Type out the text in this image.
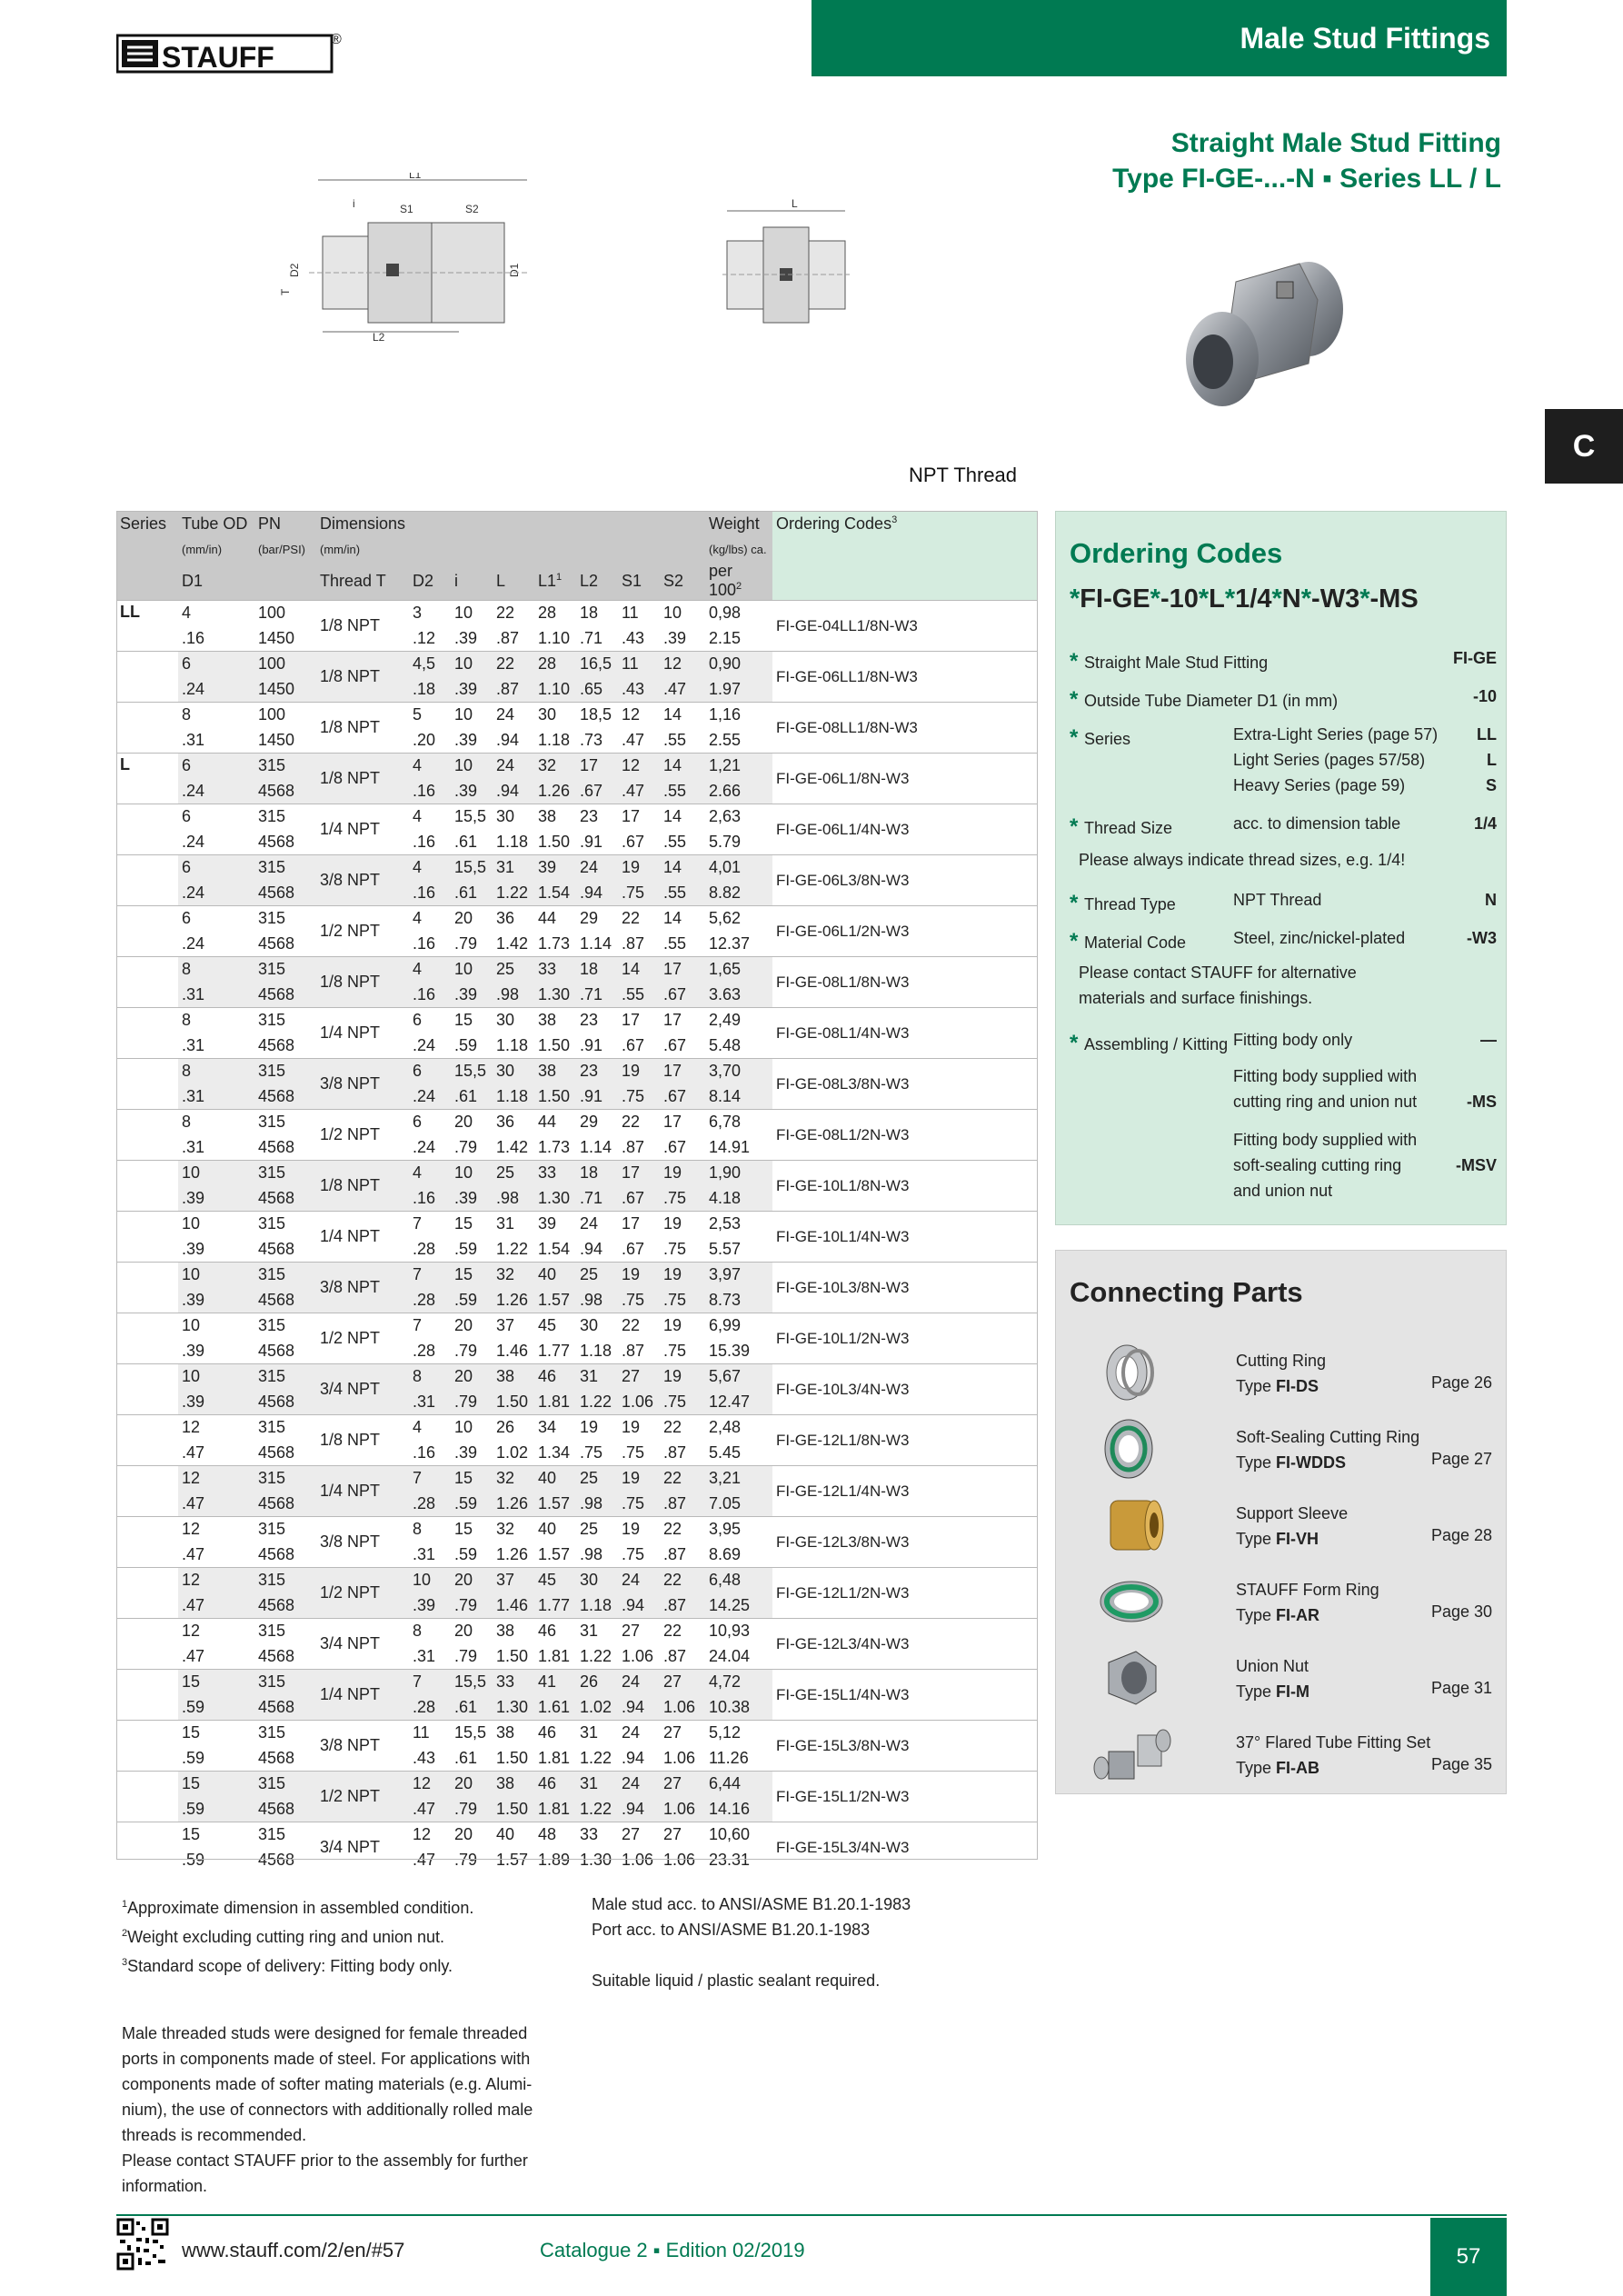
STAUFF
®	Male Stud Fittings
Straight Male Stud Fitting
Type FI-GE-...-N ▪ Series LL / L
L1
i	S1	S2
D2
T
D1
L2
L
C
NPT Thread
Series	Tube OD	PN	Dimensions								Weight	Ordering Codes$^3$
	(mm/in)	(bar/PSI)	(mm/in)								(kg/lbs) ca.	
	D1		Thread T	D2	i	L	$L1^1$	L2	S1	S2	per $100^2$
LL	4	100	1/8 NPT	3	10	22	28	18	11	10	0,98	FI-GE-04LL1/8N-W3
	.16	1450		.12	.39	.87	1.10	.71	.43	.39	2.15	
	6	100	1/8 NPT	4,5	10	22	28	16,5	11	12	0,90	FI-GE-06LL1/8N-W3
	.24	1450		.18	.39	.87	1.10	.65	.43	.47	1.97	
	8	100	1/8 NPT	5	10	24	30	18,5	12	14	1,16	FI-GE-08LL1/8N-W3
	.31	1450		.20	.39	.94	1.18	.73	.47	.55	2.55	
L	6	315	1/8 NPT	4	10	24	32	17	12	14	1,21	FI-GE-06L1/8N-W3
	.24	4568		.16	.39	.94	1.26	.67	.47	.55	2.66	
	6	315	1/4 NPT	4	15,5	30	38	23	17	14	2,63	FI-GE-06L1/4N-W3
	.24	4568		.16	.61	1.18	1.50	.91	.67	.55	5.79	
	6	315	3/8 NPT	4	15,5	31	39	24	19	14	4,01	FI-GE-06L3/8N-W3
	.24	4568		.16	.61	1.22	1.54	.94	.75	.55	8.82	
	6	315	1/2 NPT	4	20	36	44	29	22	14	5,62	FI-GE-06L1/2N-W3
	.24	4568		.16	.79	1.42	1.73	1.14	.87	.55	12.37	
	8	315	1/8 NPT	4	10	25	33	18	14	17	1,65	FI-GE-08L1/8N-W3
	.31	4568		.16	.39	.98	1.30	.71	.55	.67	3.63	
	8	315	1/4 NPT	6	15	30	38	23	17	17	2,49	FI-GE-08L1/4N-W3
	.31	4568		.24	.59	1.18	1.50	.91	.67	.67	5.48	
	8	315	3/8 NPT	6	15,5	30	38	23	19	17	3,70	FI-GE-08L3/8N-W3
	.31	4568		.24	.61	1.18	1.50	.91	.75	.67	8.14	
	8	315	1/2 NPT	6	20	36	44	29	22	17	6,78	FI-GE-08L1/2N-W3
	.31	4568		.24	.79	1.42	1.73	1.14	.87	.67	14.91	
	10	315	1/8 NPT	4	10	25	33	18	17	19	1,90	FI-GE-10L1/8N-W3
	.39	4568		.16	.39	.98	1.30	.71	.67	.75	4.18	
	10	315	1/4 NPT	7	15	31	39	24	17	19	2,53	FI-GE-10L1/4N-W3
	.39	4568		.28	.59	1.22	1.54	.94	.67	.75	5.57	
	10	315	3/8 NPT	7	15	32	40	25	19	19	3,97	FI-GE-10L3/8N-W3
	.39	4568		.28	.59	1.26	1.57	.98	.75	.75	8.73	
	10	315	1/2 NPT	7	20	37	45	30	22	19	6,99	FI-GE-10L1/2N-W3
	.39	4568		.28	.79	1.46	1.77	1.18	.87	.75	15.39	
	10	315	3/4 NPT	8	20	38	46	31	27	19	5,67	FI-GE-10L3/4N-W3
	.39	4568		.31	.79	1.50	1.81	1.22	1.06	.75	12.47	
	12	315	1/8 NPT	4	10	26	34	19	19	22	2,48	FI-GE-12L1/8N-W3
	.47	4568		.16	.39	1.02	1.34	.75	.75	.87	5.45	
	12	315	1/4 NPT	7	15	32	40	25	19	22	3,21	FI-GE-12L1/4N-W3
	.47	4568		.28	.59	1.26	1.57	.98	.75	.87	7.05	
	12	315	3/8 NPT	8	15	32	40	25	19	22	3,95	FI-GE-12L3/8N-W3
	.47	4568		.31	.59	1.26	1.57	.98	.75	.87	8.69	
	12	315	1/2 NPT	10	20	37	45	30	24	22	6,48	FI-GE-12L1/2N-W3
	.47	4568		.39	.79	1.46	1.77	1.18	.94	.87	14.25	
	12	315	3/4 NPT	8	20	38	46	31	27	22	10,93	FI-GE-12L3/4N-W3
	.47	4568		.31	.79	1.50	1.81	1.22	1.06	.87	24.04	
	15	315	1/4 NPT	7	15,5	33	41	26	24	27	4,72	FI-GE-15L1/4N-W3
	.59	4568		.28	.61	1.30	1.61	1.02	.94	1.06	10.38	
	15	315	3/8 NPT	11	15,5	38	46	31	24	27	5,12	FI-GE-15L3/8N-W3
	.59	4568		.43	.61	1.50	1.81	1.22	.94	1.06	11.26	
	15	315	1/2 NPT	12	20	38	46	31	24	27	6,44	FI-GE-15L1/2N-W3
	.59	4568		.47	.79	1.50	1.81	1.22	.94	1.06	14.16	
	15	315	3/4 NPT	12	20	40	48	33	27	27	10,60	FI-GE-15L3/4N-W3
	.59	4568		.47	.79	1.57	1.89	1.30	1.06	1.06	23.31	
Ordering Codes
*FI-GE*-10*L*1/4*N*-W3*-MS
* Straight Male Stud Fitting	FI-GE
* Outside Tube Diameter D1 (in mm)	-10
* Series	Extra-Light Series (page 57) LL
Light Series (pages 57/58)	L
Heavy Series (page 59)	S
* Thread Size	acc. to dimension table	1/4
Please always indicate thread sizes, e.g. 1/4!
* Thread Type	NPT Thread	N
* Material Code	Steel, zinc/nickel-plated	-W3
Please contact STAUFF for alternative
materials and surface finishings.
* Assembling / Kitting Fitting body only	—
Fitting body supplied with
cutting ring and union nut	-MS
Fitting body supplied with
soft-sealing cutting ring	-MSV
and union nut
Connecting Parts
Cutting Ring
Type FI-DS	Page 26
Soft-Sealing Cutting Ring
Type FI-WDDS	Page 27
Support Sleeve
Type FI-VH	Page 28
STAUFF Form Ring
Type FI-AR	Page 30
Union Nut
Type FI-M	Page 31
37° Flared Tube Fitting Set
Type FI-AB	Page 35
$^1$Approximate dimension in assembled condition.
$^2$Weight excluding cutting ring and union nut.
$^3$Standard scope of delivery: Fitting body only.
Male stud acc. to ANSI/ASME B1.20.1-1983
Port acc. to ANSI/ASME B1.20.1-1983
Suitable liquid / plastic sealant required.
Male threaded studs were designed for female threaded
ports in components made of steel. For applications with
components made of softer mating materials (e.g. Alumi-
nium), the use of connectors with additionally rolled male
threads is recommended.
Please contact STAUFF prior to the assembly for further
information.
www.stauff.com/2/en/#57	Catalogue 2 ▪ Edition 02/2019	57
